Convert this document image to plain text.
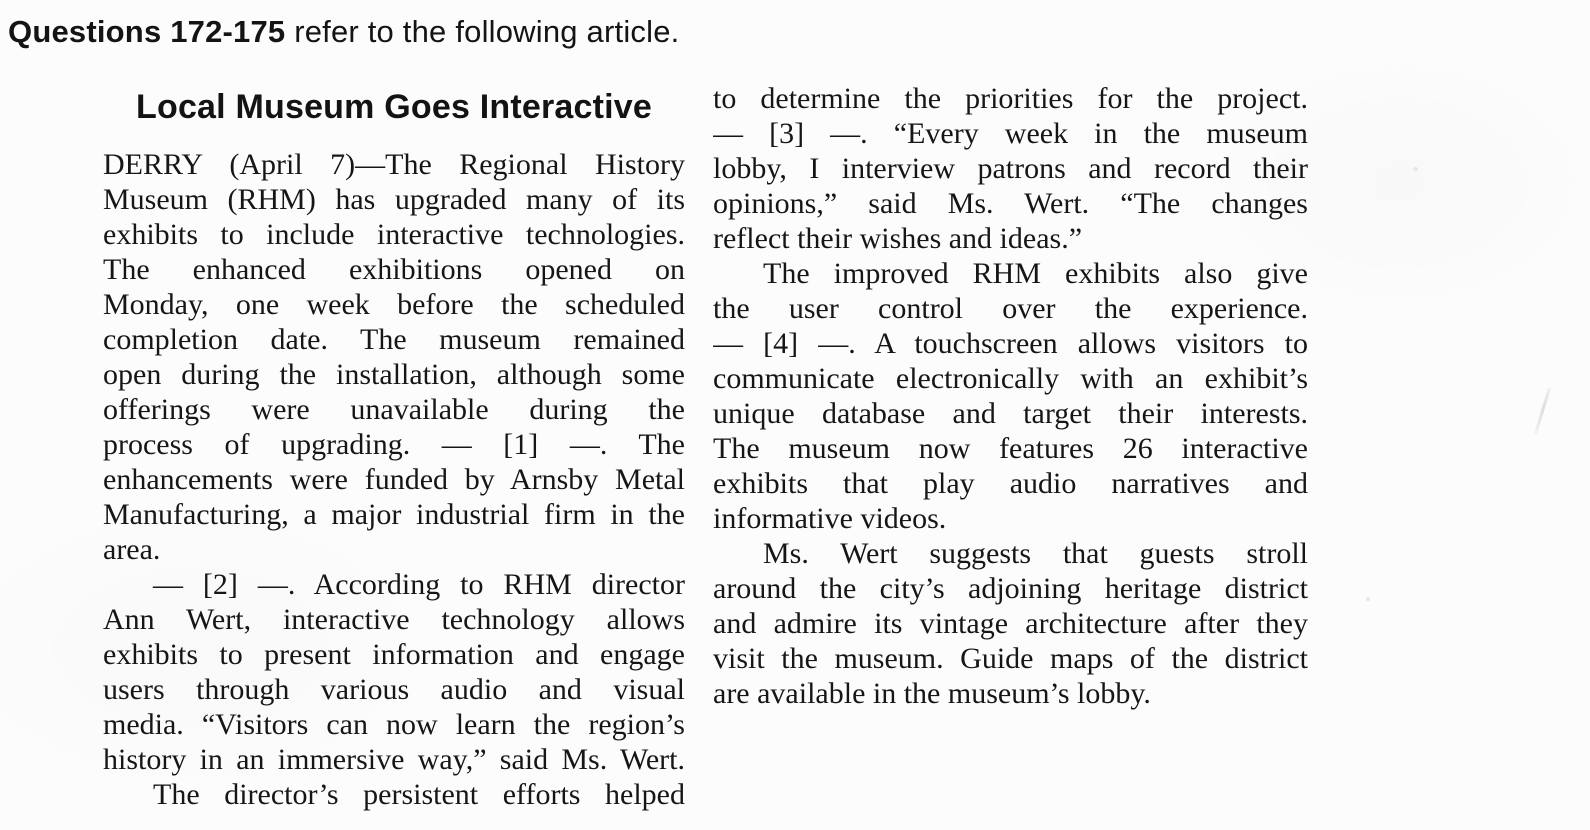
Questions 172-175 refer to the following article.
Local Museum Goes Interactive
DERRY (April 7)—The Regional History
Museum (RHM) has upgraded many of its
exhibits to include interactive technologies.
The enhanced exhibitions opened on
Monday, one week before the scheduled
completion date. The museum remained
open during the installation, although some
offerings were unavailable during the
process of upgrading. — [1] —. The
enhancements were funded by Arnsby Metal
Manufacturing, a major industrial firm in the
area.
— [2] —. According to RHM director
Ann Wert, interactive technology allows
exhibits to present information and engage
users through various audio and visual
media. “Visitors can now learn the region’s
history in an immersive way,” said Ms. Wert.
The director’s persistent efforts helped
to determine the priorities for the project.
— [3] —. “Every week in the museum
lobby, I interview patrons and record their
opinions,” said Ms. Wert. “The changes
reflect their wishes and ideas.”
The improved RHM exhibits also give
the user control over the experience.
— [4] —. A touchscreen allows visitors to
communicate electronically with an exhibit’s
unique database and target their interests.
The museum now features 26 interactive
exhibits that play audio narratives and
informative videos.
Ms. Wert suggests that guests stroll
around the city’s adjoining heritage district
and admire its vintage architecture after they
visit the museum. Guide maps of the district
are available in the museum’s lobby.
